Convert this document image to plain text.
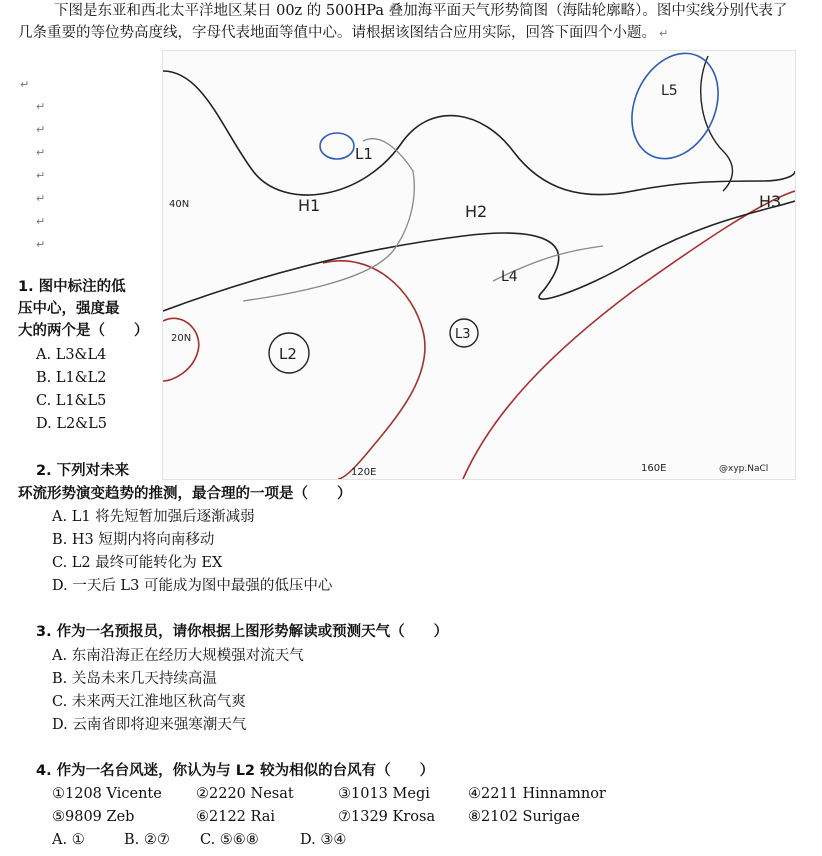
下图是东亚和西北太平洋地区某日 00z 的 500HPa 叠加海平面天气形势简图（海陆轮廓略）。图中实线分别代表了几条重要的等位势高度线，字母代表地面等值中心。请根据该图结合应用实际，回答下面四个小题。 ↵
↵
↵
↵
↵
↵
↵
↵
↵
L1
L2
L3
L4
L5
H1	H2
H3
40N
20N
120E	160E	@xyp.NaCl
1. 图中标注的低
压中心，强度最
大的两个是（　　）
A. L3&L4
B. L1&L2
C. L1&L5
D. L2&L5
2. 下列对未来
环流形势演变趋势的推测，最合理的一项是（　　）
A. L1 将先短暂加强后逐渐减弱
B. H3 短期内将向南移动
C. L2 最终可能转化为 EX
D. 一天后 L3 可能成为图中最强的低压中心
3. 作为一名预报员，请你根据上图形势解读或预测天气（　　）
A. 东南沿海正在经历大规模强对流天气
B. 关岛未来几天持续高温
C. 未来两天江淮地区秋高气爽
D. 云南省即将迎来强寒潮天气
4. 作为一名台风迷，你认为与 L2 较为相似的台风有（　　）
①1208 Vicente	②2220 Nesat	③1013 Megi	④2211 Hinnamnor
⑤9809 Zeb	⑥2122 Rai	⑦1329 Krosa	⑧2102 Surigae
A. ①	B. ②⑦ C. ⑤⑥⑧	D. ③④
